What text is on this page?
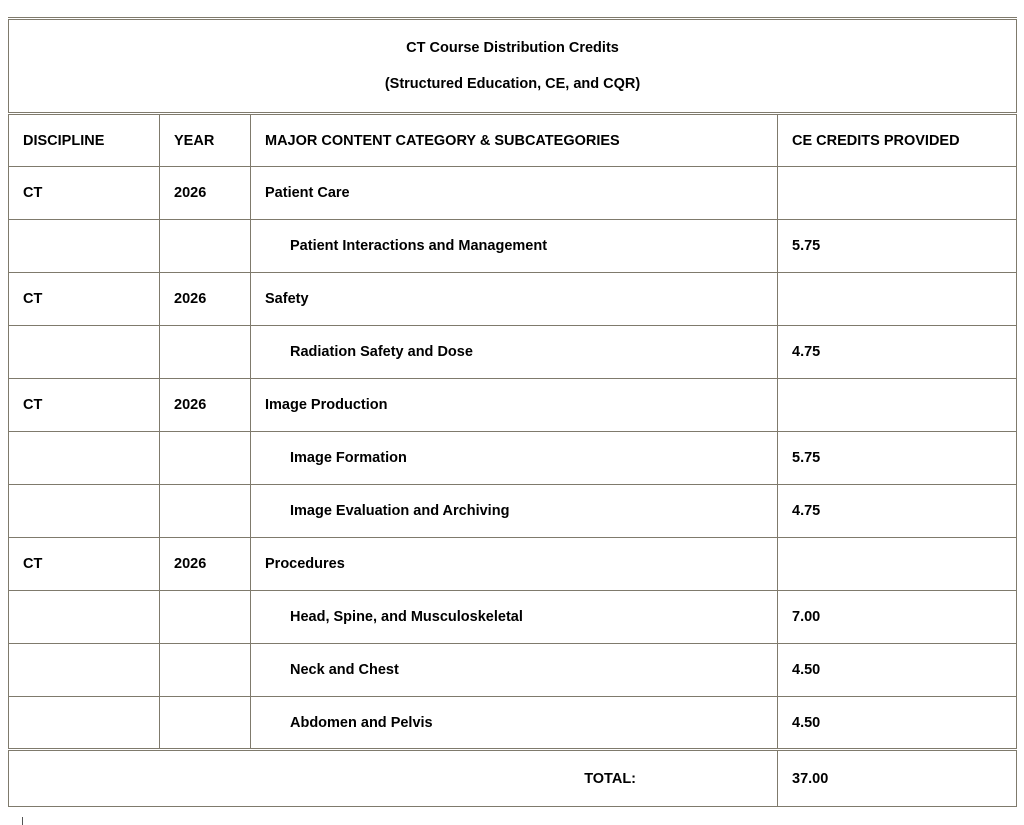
CT Course Distribution Credits
(Structured Education, CE, and CQR)			

DISCIPLINE	YEAR	MAJOR CONTENT CATEGORY & SUBCATEGORIES	CE CREDITS PROVIDED
CT	2026	Patient Care	
		Patient Interactions and Management	5.75
CT	2026	Safety	
		Radiation Safety and Dose	4.75
CT	2026	Image Production	
		Image Formation	5.75
		Image Evaluation and Archiving	4.75
CT	2026	Procedures	
		Head, Spine, and Musculoskeletal	7.00
		Neck and Chest	4.50
		Abdomen and Pelvis	4.50
TOTAL:			37.00
